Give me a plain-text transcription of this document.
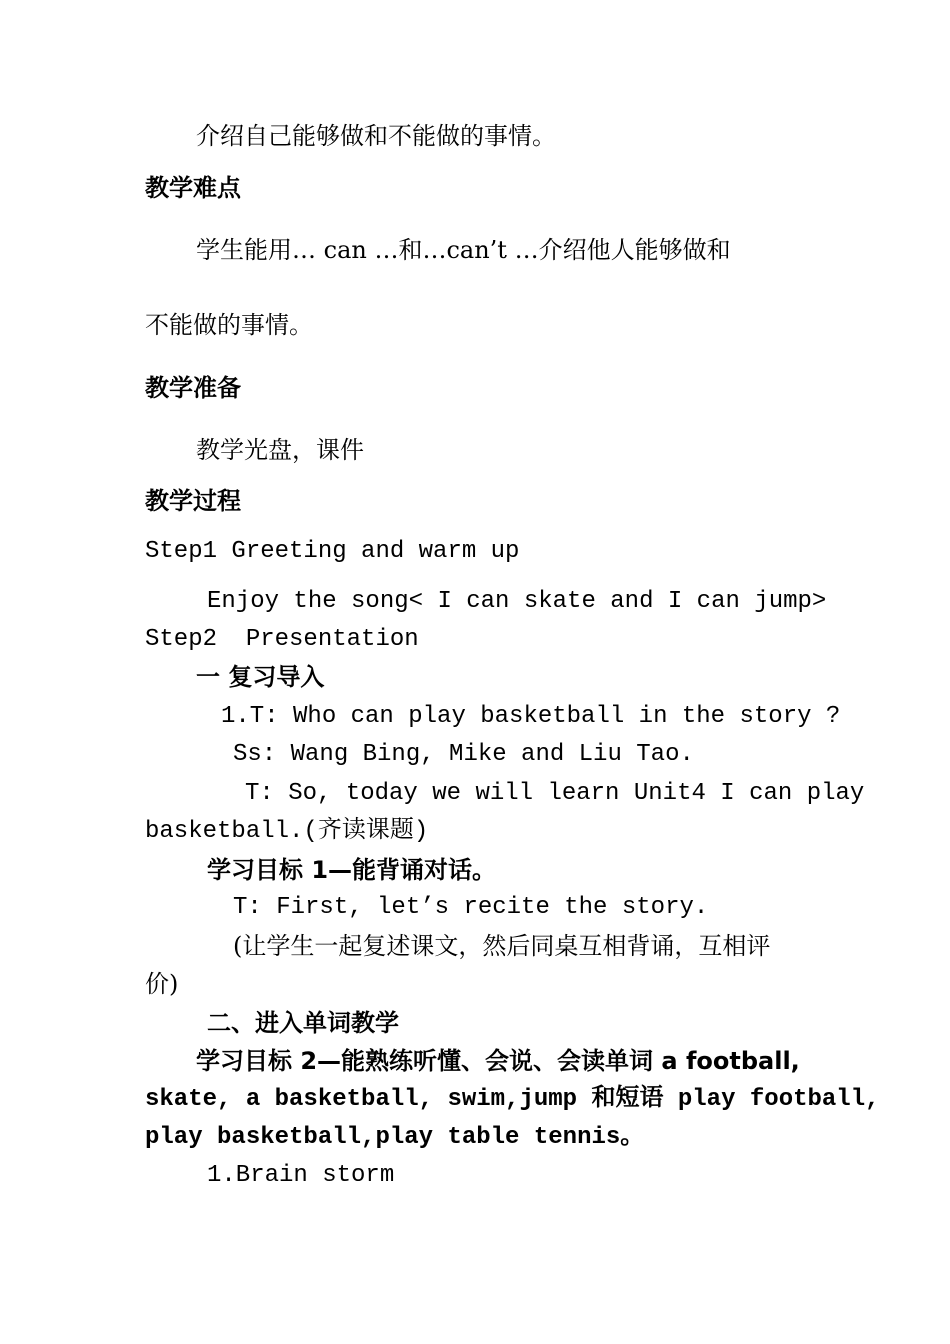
介绍自己能够做和不能做的事情。
教学难点
学生能用… can …和…can’t …介绍他人能够做和
不能做的事情。
教学准备
教学光盘，课件
教学过程
Step1 Greeting and warm up
Enjoy the song< I can skate and I can jump>
Step2  Presentation
一 复习导入
1.T: Who can play basketball in the story ?
Ss: Wang Bing, Mike and Liu Tao.
T: So, today we will learn Unit4 I can play
basketball.(齐读课题)
学习目标 1—能背诵对话。
T: First, let’s recite the story.
(让学生一起复述课文，然后同桌互相背诵，互相评
价)
二、进入单词教学
学习目标 2—能熟练听懂、会说、会读单词 a football,
skate, a basketball, swim,jump 和短语 play football,
play basketball,play table tennis。
1.Brain storm
